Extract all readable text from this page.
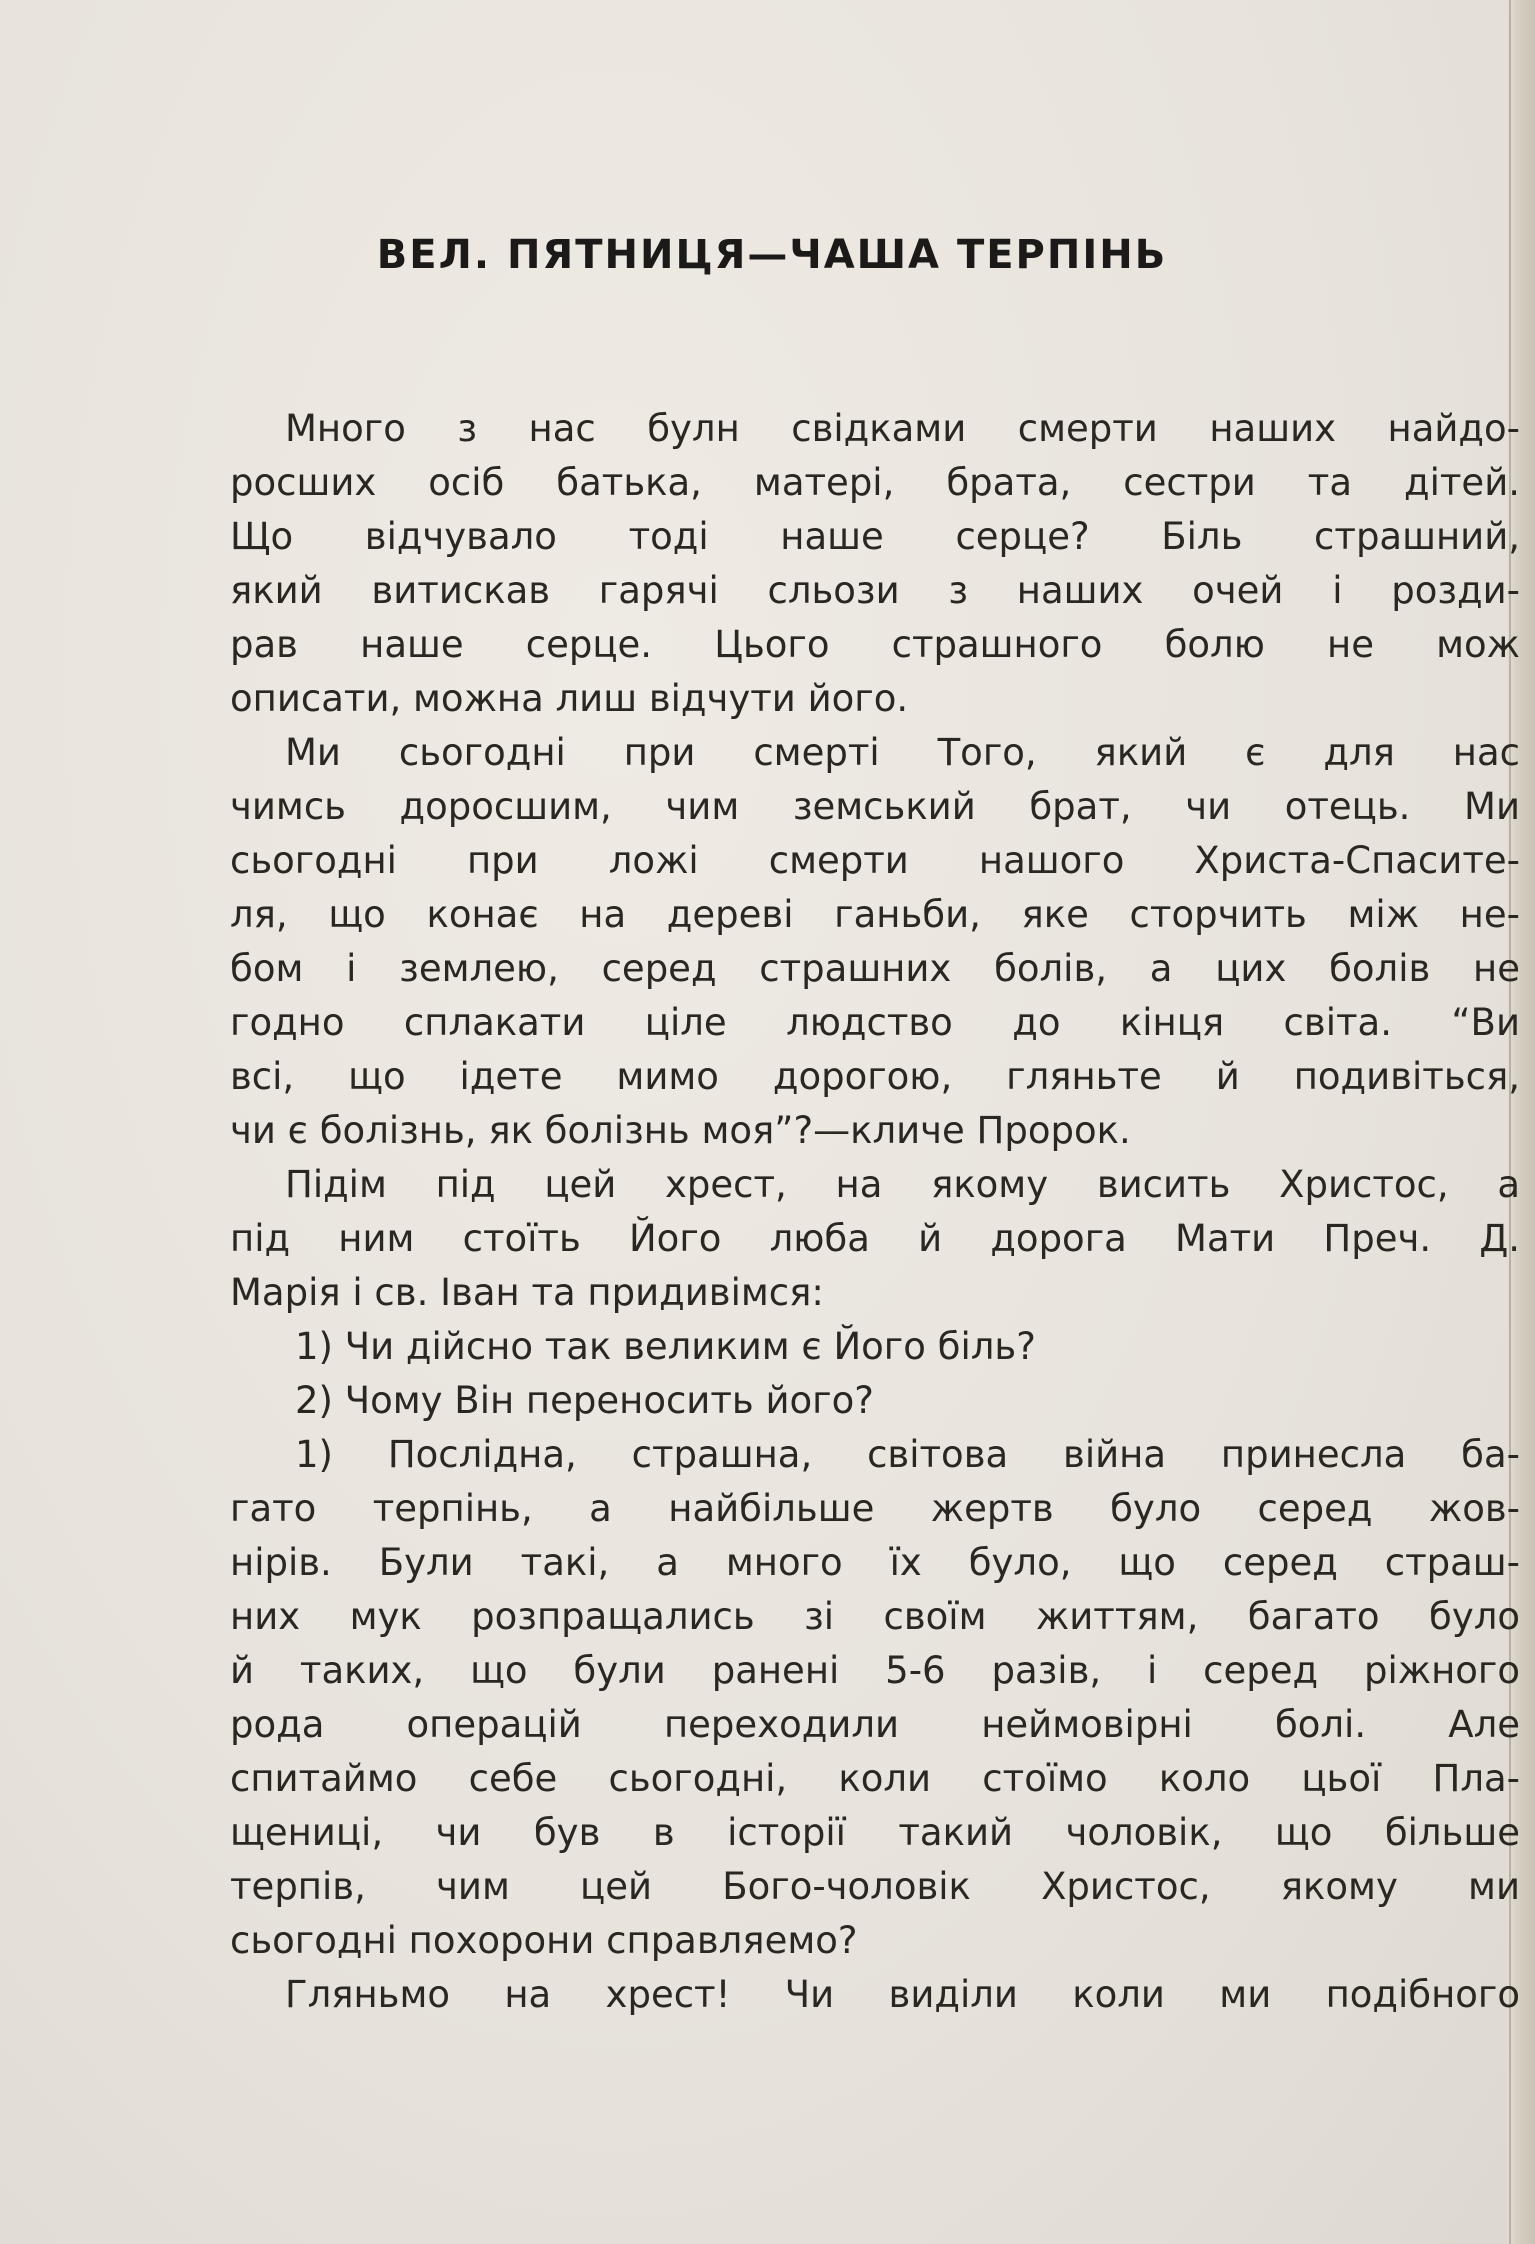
ВЕЛ. ПЯТНИЦЯ—ЧАША ТЕРПІНЬ
Много з нас булн свідками смерти наших найдо-
росших осіб батька, матері, брата, сестри та дітей.
Що відчувало тоді наше серце? Біль страшний,
який витискав гарячі сльози з наших очей і розди-
рав наше серце. Цього страшного болю не мож
описати, можна лиш відчути його.
Ми сьогодні при смерті Того, який є для нас
чимсь доросшим, чим земський брат, чи отець. Ми
сьогодні при ложі смерти нашого Христа-Спасите-
ля, що конає на дереві ганьби, яке сторчить між не-
бом і землею, серед страшних болів, а цих болів не
годно сплакати ціле людство до кінця світа. “Ви
всі, що ідете мимо дорогою, гляньте й подивіться,
чи є болізнь, як болізнь моя”?—кличе Пророк.
Підім під цей хрест, на якому висить Христос, а
під ним стоїть Його люба й дорога Мати Преч. Д.
Марія і св. Іван та придивімся:
1) Чи дійсно так великим є Його біль?
2) Чому Він переносить його?
1) Послідна, страшна, світова війна принесла ба-
гато терпінь, а найбільше жертв було серед жов-
нірів. Були такі, а много їх було, що серед страш-
них мук розпращались зі своїм життям, багато було
й таких, що були ранені 5-6 разів, і серед ріжного
рода операцій переходили неймовірні болі. Але
спитаймо себе сьогодні, коли стоїмо коло цьої Пла-
щениці, чи був в історії такий чоловік, що більше
терпів, чим цей Бого-чоловік Христос, якому ми
сьогодні похорони справляемо?
Гляньмо на хрест! Чи виділи коли ми подібного
